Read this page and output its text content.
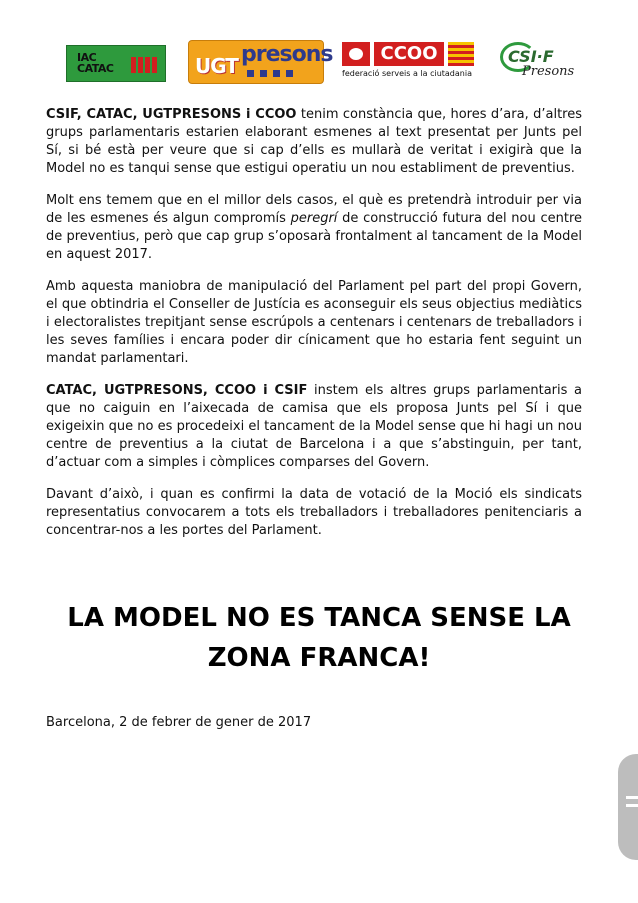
IAC
CATAC	UGT presons	CCOO
federació serveis a la ciutadania
CSI·F
Presons

CSIF, CATAC, UGTPRESONS i CCOO tenim constància que, hores d’ara, d’altres grups parlamentaris estarien elaborant esmenes al text presentat per Junts pel Sí, si bé està per veure que si cap d’ells es mullarà de veritat i exigirà que la Model no es tanqui sense que estigui operatiu un nou establiment de preventius.

Molt ens temem que en el millor dels casos, el què es pretendrà introduir per via de les esmenes és algun compromís peregrí de construcció futura del nou centre de preventius, però que cap grup s’oposarà frontalment al tancament de la Model en aquest 2017.

Amb aquesta maniobra de manipulació del Parlament pel part del propi Govern, el que obtindria el Conseller de Justícia es aconseguir els seus objectius mediàtics i electoralistes trepitjant sense escrúpols a centenars i centenars de treballadors i les seves famílies i encara poder dir cínicament que ho estaria fent seguint un mandat parlamentari.

CATAC, UGTPRESONS, CCOO i CSIF instem els altres grups parlamentaris a que no caiguin en l’aixecada de camisa que els proposa Junts pel Sí i que exigeixin que no es procedeixi el tancament de la Model sense que hi hagi un nou centre de preventius a la ciutat de Barcelona i a que s’abstinguin, per tant, d’actuar com a simples i còmplices comparses del Govern.

Davant d’això, i quan es confirmi la data de votació de la Moció els sindicats representatius convocarem a tots els treballadors i treballadores penitenciaris a concentrar-nos a les portes del Parlament.

LA MODEL NO ES TANCA SENSE LA
ZONA FRANCA!
Barcelona, 2 de febrer de gener de 2017
